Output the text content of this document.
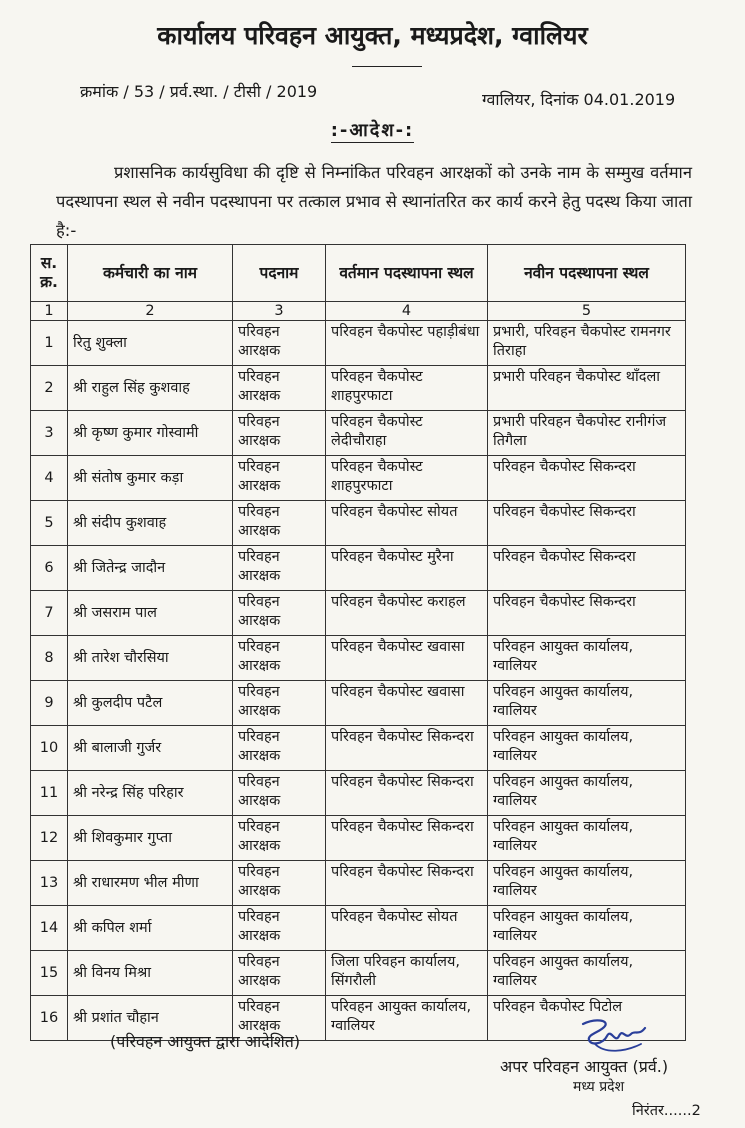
कार्यालय परिवहन आयुक्त, मध्यप्रदेश, ग्वालियर
क्रमांक / 53 / प्रर्व.स्था. / टीसी / 2019	ग्वालियर, दिनांक 04.01.2019
:-आदेश-:
प्रशासनिक कार्यसुविधा की दृष्टि से निम्नांकित परिवहन आरक्षकों को उनके नाम के सम्मुख वर्तमान पदस्थापना स्थल से नवीन पदस्थापना पर तत्काल प्रभाव से स्थानांतरित कर कार्य करने हेतु पदस्थ किया जाता है:-
स. क्र.	कर्मचारी का नाम	पदनाम	वर्तमान पदस्थापना स्थल	नवीन पदस्थापना स्थल
1	2	3	4	5
1	रितु शुक्ला	परिवहन आरक्षक	परिवहन चैकपोस्ट पहाड़ीबंधा	प्रभारी, परिवहन चैकपोस्ट रामनगर तिराहा
2	श्री राहुल सिंह कुशवाह	परिवहन आरक्षक	परिवहन चैकपोस्ट शाहपुरफाटा	प्रभारी परिवहन चैकपोस्ट थाँदला
3	श्री कृष्ण कुमार गोस्वामी	परिवहन आरक्षक	परिवहन चैकपोस्ट लेदीचौराहा	प्रभारी परिवहन चैकपोस्ट रानीगंज तिगैला
4	श्री संतोष कुमार कड़ा	परिवहन आरक्षक	परिवहन चैकपोस्ट शाहपुरफाटा	परिवहन चैकपोस्ट सिकन्दरा
5	श्री संदीप कुशवाह	परिवहन आरक्षक	परिवहन चैकपोस्ट सोयत	परिवहन चैकपोस्ट सिकन्दरा
6	श्री जितेन्द्र जादौन	परिवहन आरक्षक	परिवहन चैकपोस्ट मुरैना	परिवहन चैकपोस्ट सिकन्दरा
7	श्री जसराम पाल	परिवहन आरक्षक	परिवहन चैकपोस्ट कराहल	परिवहन चैकपोस्ट सिकन्दरा
8	श्री तारेश चौरसिया	परिवहन आरक्षक	परिवहन चैकपोस्ट खवासा	परिवहन आयुक्त कार्यालय, ग्वालियर
9	श्री कुलदीप पटैल	परिवहन आरक्षक	परिवहन चैकपोस्ट खवासा	परिवहन आयुक्त कार्यालय, ग्वालियर
10	श्री बालाजी गुर्जर	परिवहन आरक्षक	परिवहन चैकपोस्ट सिकन्दरा	परिवहन आयुक्त कार्यालय, ग्वालियर
11	श्री नरेन्द्र सिंह परिहार	परिवहन आरक्षक	परिवहन चैकपोस्ट सिकन्दरा	परिवहन आयुक्त कार्यालय, ग्वालियर
12	श्री शिवकुमार गुप्ता	परिवहन आरक्षक	परिवहन चैकपोस्ट सिकन्दरा	परिवहन आयुक्त कार्यालय, ग्वालियर
13	श्री राधारमण भील मीणा	परिवहन आरक्षक	परिवहन चैकपोस्ट सिकन्दरा	परिवहन आयुक्त कार्यालय, ग्वालियर
14	श्री कपिल शर्मा	परिवहन आरक्षक	परिवहन चैकपोस्ट सोयत	परिवहन आयुक्त कार्यालय, ग्वालियर
15	श्री विनय मिश्रा	परिवहन आरक्षक	जिला परिवहन कार्यालय, सिंगरौली	परिवहन आयुक्त कार्यालय, ग्वालियर
16	श्री प्रशांत चौहान	परिवहन आरक्षक	परिवहन आयुक्त कार्यालय, ग्वालियर	परिवहन चैकपोस्ट पिटोल
(परिवहन आयुक्त द्वारा आदेशित)
अपर परिवहन आयुक्त (प्रर्व.)
मध्य प्रदेश
निरंतर......2
